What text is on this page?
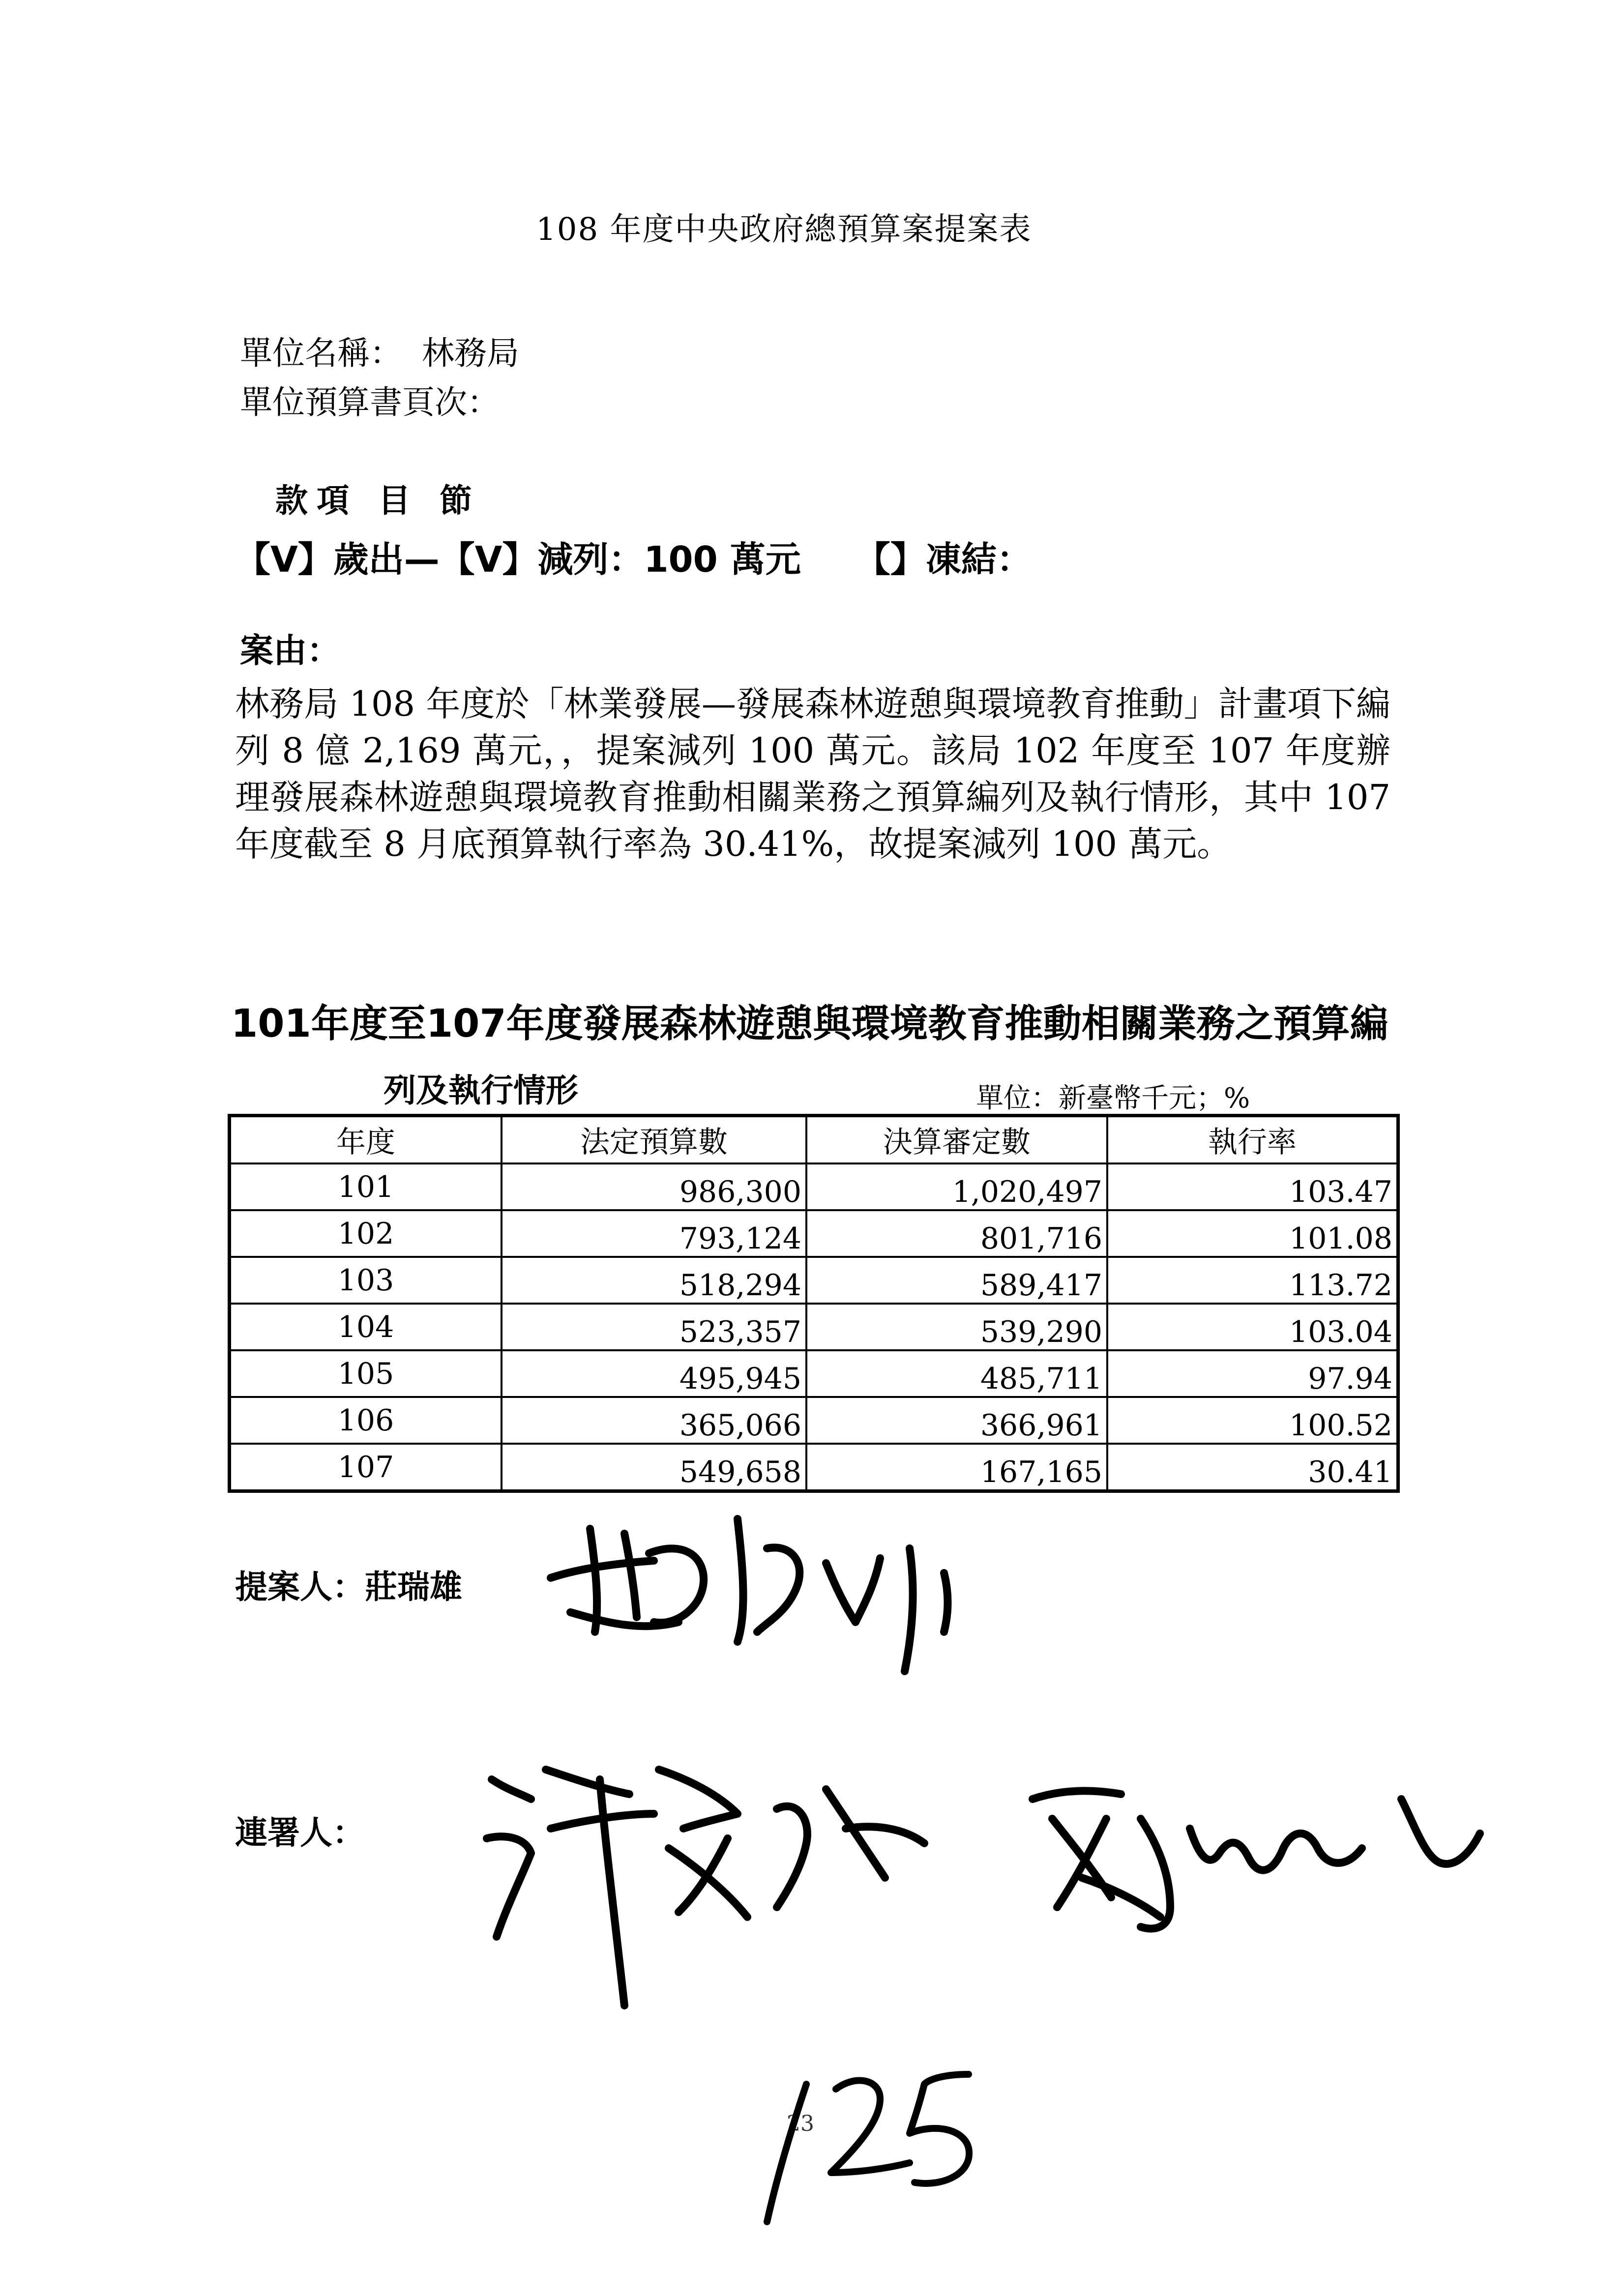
108 年度中央政府總預算案提案表
單位名稱： 林務局
單位預算書頁次：
款項 目 節
【V】歲出—【V】減列：100 萬元 【】凍結：
案由：
林務局 108 年度於「林業發展—發展森林遊憩與環境教育推動」計畫項下編列 8 億 2,169 萬元，，提案減列 100 萬元。該局 102 年度至 107 年度辦理發展森林遊憩與環境教育推動相關業務之預算編列及執行情形，其中 107 年度截至 8 月底預算執行率為 30.41%，故提案減列 100 萬元。
101年度至107年度發展森林遊憩與環境教育推動相關業務之預算編
列及執行情形	單位：新臺幣千元；%
年度	法定預算數	決算審定數	執行率
101	986,300	1,020,497	103.47
102	793,124	801,716	101.08
103	518,294	589,417	113.72
104	523,357	539,290	103.04
105	495,945	485,711	97.94
106	365,066	366,961	100.52
107	549,658	167,165	30.41
提案人：莊瑞雄
連署人：
23
